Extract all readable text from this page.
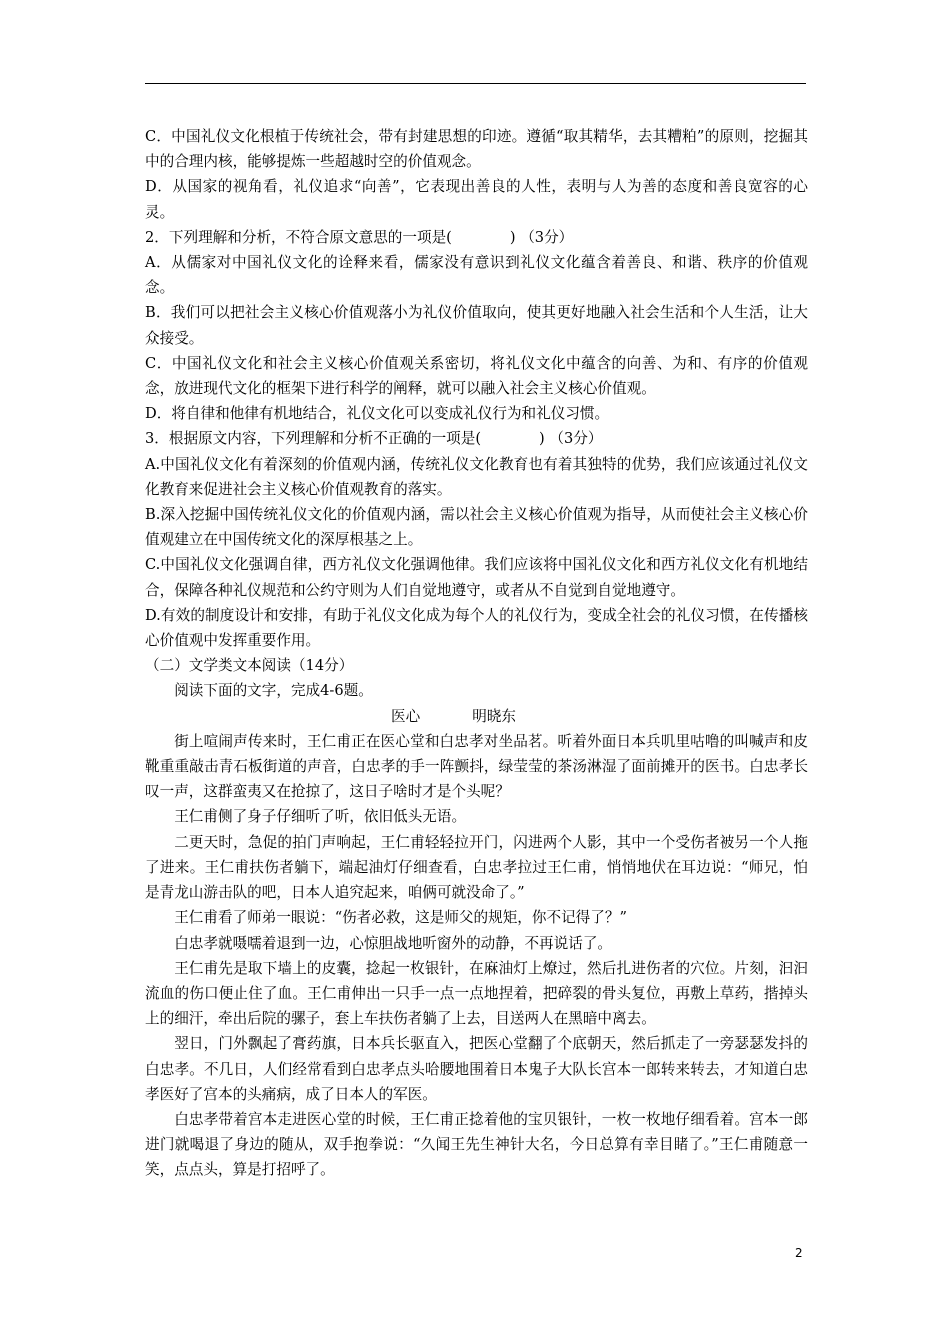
C．中国礼仪文化根植于传统社会，带有封建思想的印迹。遵循“取其精华，去其糟粕”的原则，挖掘其中的合理内核，能够提炼一些超越时空的价值观念。

D．从国家的视角看，礼仪追求“向善”，它表现出善良的人性，表明与人为善的态度和善良宽容的心灵。

2．下列理解和分析，不符合原文意思的一项是(	) （3分）

A．从儒家对中国礼仪文化的诠释来看，儒家没有意识到礼仪文化蕴含着善良、和谐、秩序的价值观念。

B．我们可以把社会主义核心价值观落小为礼仪价值取向，使其更好地融入社会生活和个人生活，让大众接受。

C．中国礼仪文化和社会主义核心价值观关系密切，将礼仪文化中蕴含的向善、为和、有序的价值观念，放进现代文化的框架下进行科学的阐释，就可以融入社会主义核心价值观。

D．将自律和他律有机地结合，礼仪文化可以变成礼仪行为和礼仪习惯。

3．根据原文内容，下列理解和分析不正确的一项是(	) （3分）

A.中国礼仪文化有着深刻的价值观内涵，传统礼仪文化教育也有着其独特的优势，我们应该通过礼仪文化教育来促进社会主义核心价值观教育的落实。

B.深入挖掘中国传统礼仪文化的价值观内涵，需以社会主义核心价值观为指导，从而使社会主义核心价值观建立在中国传统文化的深厚根基之上。

C.中国礼仪文化强调自律，西方礼仪文化强调他律。我们应该将中国礼仪文化和西方礼仪文化有机地结合，保障各种礼仪规范和公约守则为人们自觉地遵守，或者从不自觉到自觉地遵守。

D.有效的制度设计和安排，有助于礼仪文化成为每个人的礼仪行为，变成全社会的礼仪习惯，在传播核心价值观中发挥重要作用。

（二）文学类文本阅读（14分）

阅读下面的文字，完成4-6题。

医心	明晓东

街上喧闹声传来时，王仁甫正在医心堂和白忠孝对坐品茗。听着外面日本兵叽里咕噜的叫喊声和皮靴重重敲击青石板街道的声音，白忠孝的手一阵颤抖，绿莹莹的茶汤淋湿了面前摊开的医书。白忠孝长叹一声，这群蛮夷又在抢掠了，这日子啥时才是个头呢？

王仁甫侧了身子仔细听了听，依旧低头无语。

二更天时，急促的拍门声响起，王仁甫轻轻拉开门，闪进两个人影，其中一个受伤者被另一个人拖了进来。王仁甫扶伤者躺下，端起油灯仔细查看，白忠孝拉过王仁甫，悄悄地伏在耳边说：“师兄，怕是青龙山游击队的吧，日本人追究起来，咱俩可就没命了。”

王仁甫看了师弟一眼说：“伤者必救，这是师父的规矩，你不记得了？”

白忠孝就嗫嚅着退到一边，心惊胆战地听窗外的动静，不再说话了。

王仁甫先是取下墙上的皮囊，捻起一枚银针，在麻油灯上燎过，然后扎进伤者的穴位。片刻，汩汩流血的伤口便止住了血。王仁甫伸出一只手一点一点地捏着，把碎裂的骨头复位，再敷上草药，揩掉头上的细汗，牵出后院的骡子，套上车扶伤者躺了上去，目送两人在黑暗中离去。

翌日，门外飘起了膏药旗，日本兵长驱直入，把医心堂翻了个底朝天，然后抓走了一旁瑟瑟发抖的白忠孝。不几日，人们经常看到白忠孝点头哈腰地围着日本鬼子大队长宫本一郎转来转去，才知道白忠孝医好了宫本的头痛病，成了日本人的军医。

白忠孝带着宫本走进医心堂的时候，王仁甫正捻着他的宝贝银针，一枚一枚地仔细看着。宫本一郎进门就喝退了身边的随从，双手抱拳说：“久闻王先生神针大名，今日总算有幸目睹了。”王仁甫随意一笑，点点头，算是打招呼了。

2
